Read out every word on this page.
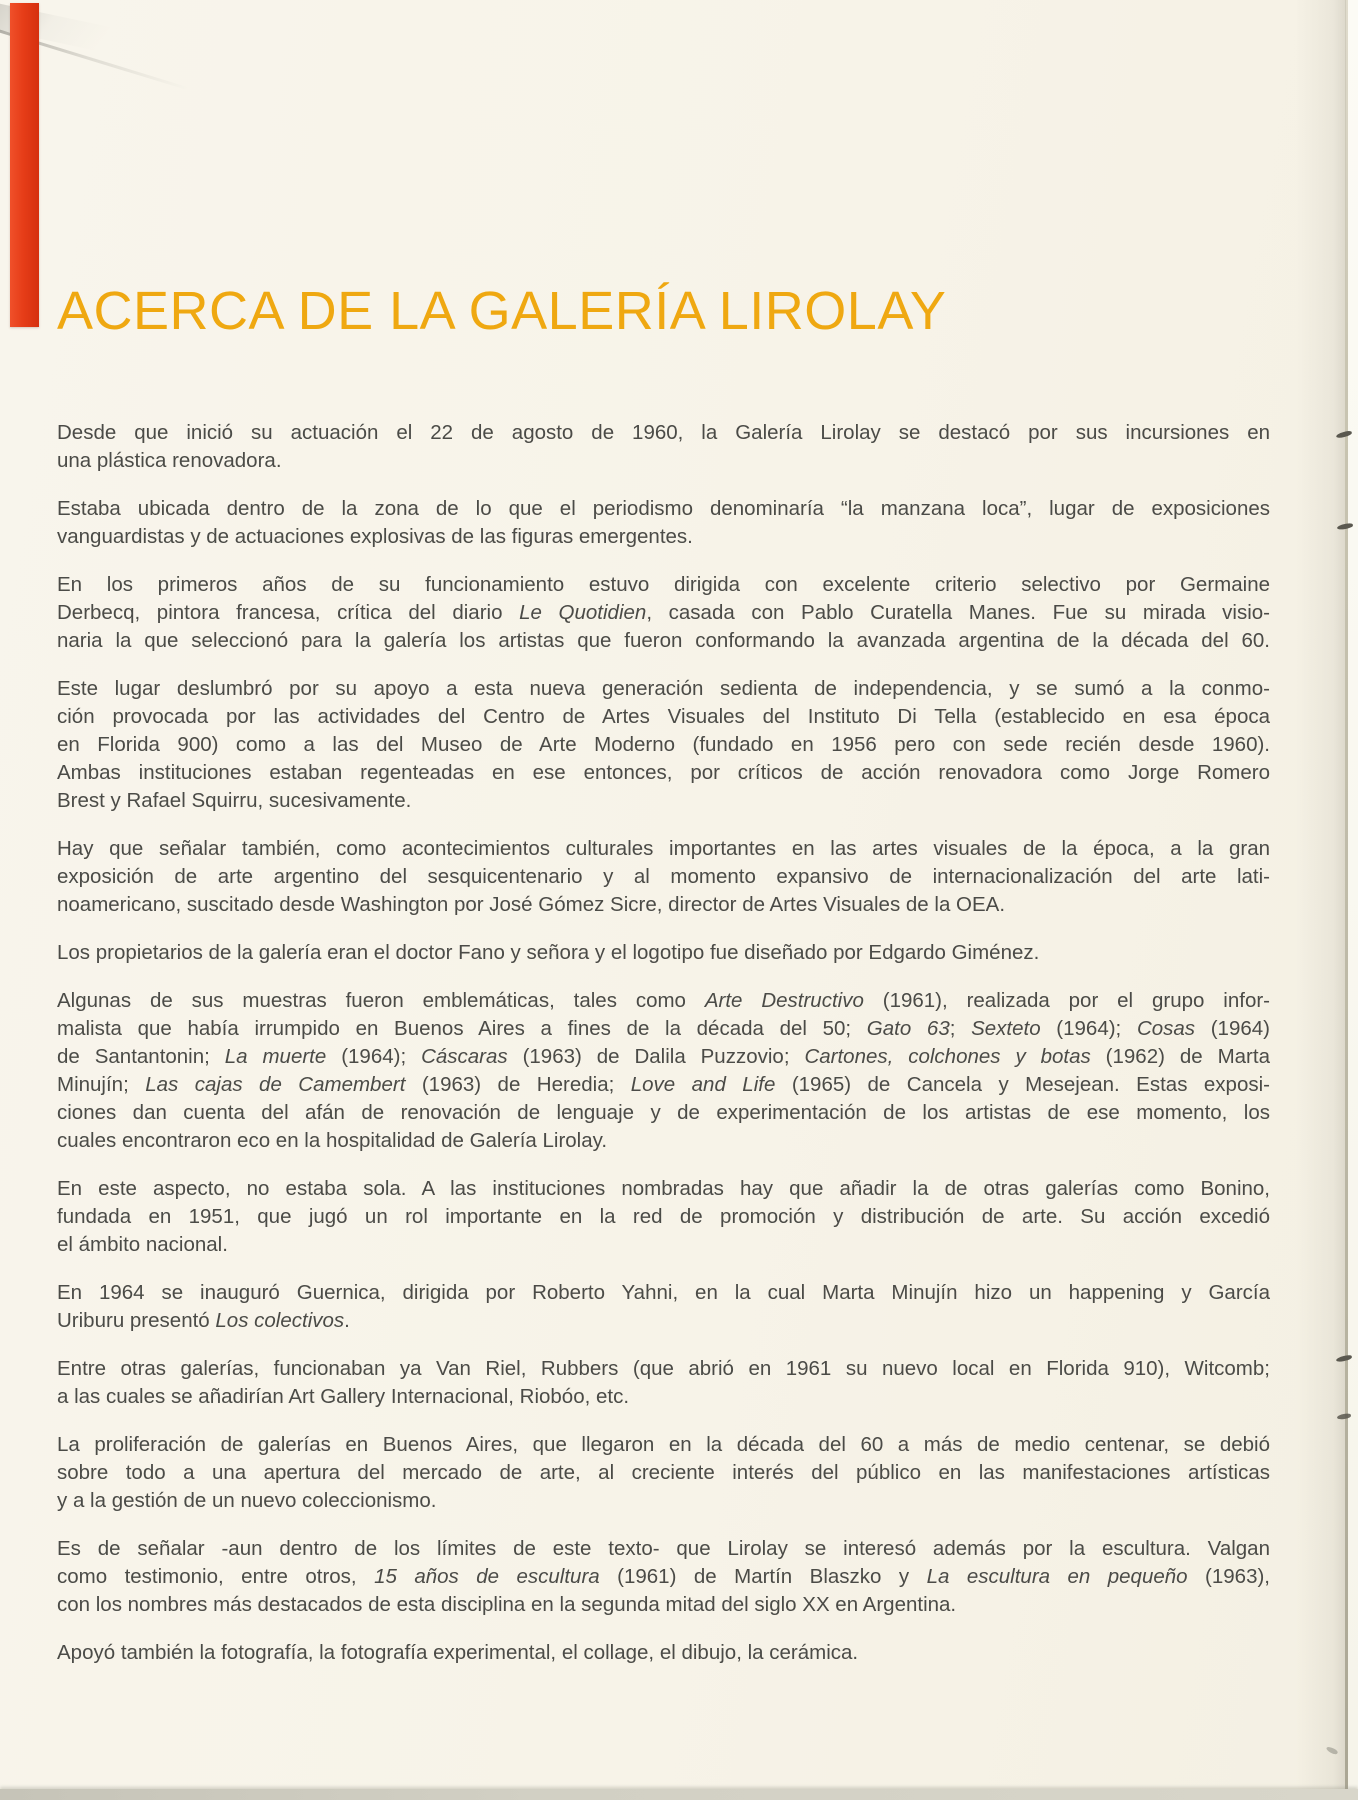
ACERCA DE LA GALERÍA LIROLAY
Desde que inició su actuación el 22 de agosto de 1960, la Galería Lirolay se destacó por sus incursiones en
una plástica renovadora.
Estaba ubicada dentro de la zona de lo que el periodismo denominaría “la manzana loca”, lugar de exposiciones
vanguardistas y de actuaciones explosivas de las figuras emergentes.
En los primeros años de su funcionamiento estuvo dirigida con excelente criterio selectivo por Germaine
Derbecq, pintora francesa, crítica del diario Le Quotidien, casada con Pablo Curatella Manes. Fue su mirada visio-
naria la que seleccionó para la galería los artistas que fueron conformando la avanzada argentina de la década del 60.
Este lugar deslumbró por su apoyo a esta nueva generación sedienta de independencia, y se sumó a la conmo-
ción provocada por las actividades del Centro de Artes Visuales del Instituto Di Tella (establecido en esa época
en Florida 900) como a las del Museo de Arte Moderno (fundado en 1956 pero con sede recién desde 1960).
Ambas instituciones estaban regenteadas en ese entonces, por críticos de acción renovadora como Jorge Romero
Brest y Rafael Squirru, sucesivamente.
Hay que señalar también, como acontecimientos culturales importantes en las artes visuales de la época, a la gran
exposición de arte argentino del sesquicentenario y al momento expansivo de internacionalización del arte lati-
noamericano, suscitado desde Washington por José Gómez Sicre, director de Artes Visuales de la OEA.
Los propietarios de la galería eran el doctor Fano y señora y el logotipo fue diseñado por Edgardo Giménez.
Algunas de sus muestras fueron emblemáticas, tales como Arte Destructivo (1961), realizada por el grupo infor-
malista que había irrumpido en Buenos Aires a fines de la década del 50; Gato 63; Sexteto (1964); Cosas (1964)
de Santantonin; La muerte (1964); Cáscaras (1963) de Dalila Puzzovio; Cartones, colchones y botas (1962) de Marta
Minujín; Las cajas de Camembert (1963) de Heredia; Love and Life (1965) de Cancela y Mesejean. Estas exposi-
ciones dan cuenta del afán de renovación de lenguaje y de experimentación de los artistas de ese momento, los
cuales encontraron eco en la hospitalidad de Galería Lirolay.
En este aspecto, no estaba sola. A las instituciones nombradas hay que añadir la de otras galerías como Bonino,
fundada en 1951, que jugó un rol importante en la red de promoción y distribución de arte. Su acción excedió
el ámbito nacional.
En 1964 se inauguró Guernica, dirigida por Roberto Yahni, en la cual Marta Minujín hizo un happening y García
Uriburu presentó Los colectivos.
Entre otras galerías, funcionaban ya Van Riel, Rubbers (que abrió en 1961 su nuevo local en Florida 910), Witcomb;
a las cuales se añadirían Art Gallery Internacional, Riobóo, etc.
La proliferación de galerías en Buenos Aires, que llegaron en la década del 60 a más de medio centenar, se debió
sobre todo a una apertura del mercado de arte, al creciente interés del público en las manifestaciones artísticas
y a la gestión de un nuevo coleccionismo.
Es de señalar -aun dentro de los límites de este texto- que Lirolay se interesó además por la escultura. Valgan
como testimonio, entre otros, 15 años de escultura (1961) de Martín Blaszko y La escultura en pequeño (1963),
con los nombres más destacados de esta disciplina en la segunda mitad del siglo XX en Argentina.
Apoyó también la fotografía, la fotografía experimental, el collage, el dibujo, la cerámica.
